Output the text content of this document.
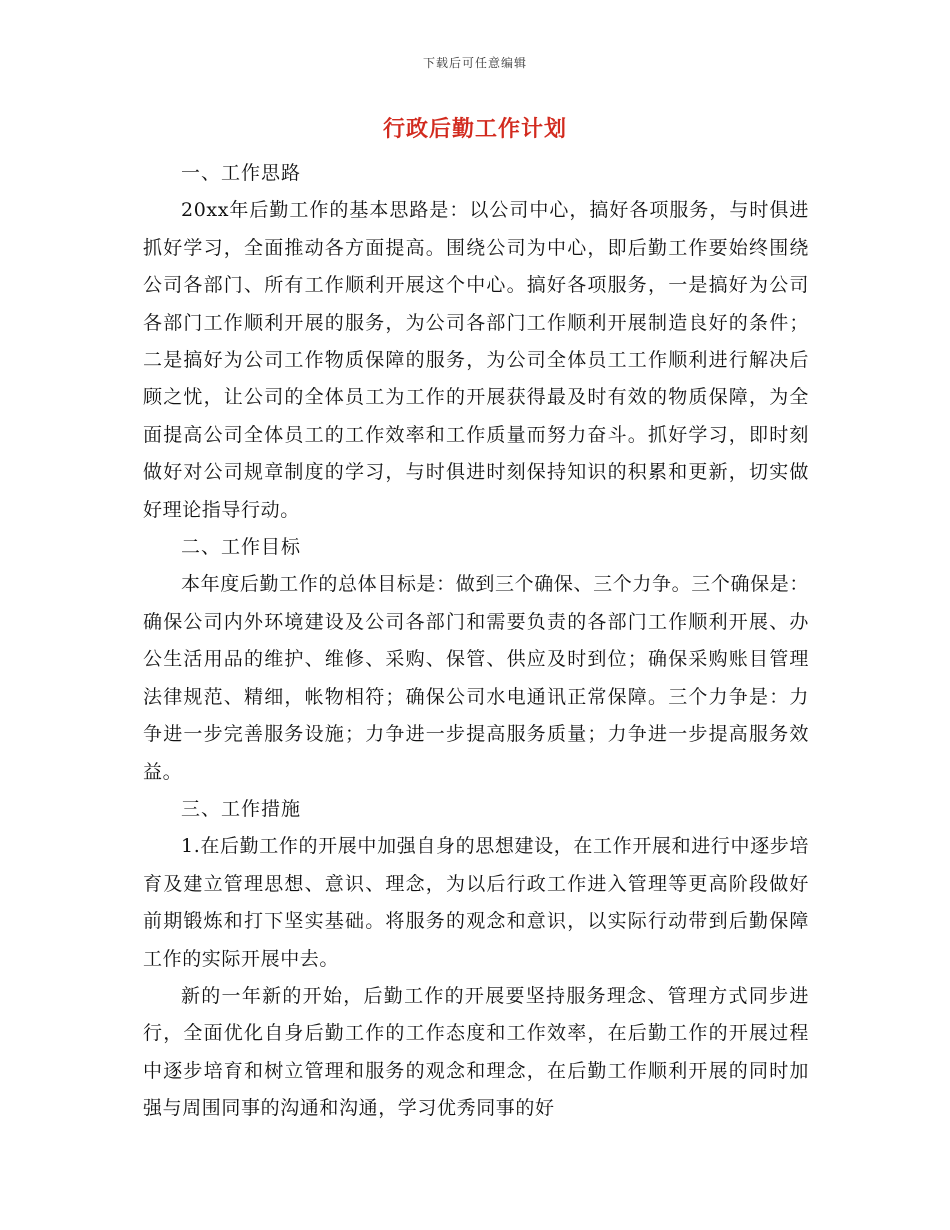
下载后可任意编辑
行政后勤工作计划

一、工作思路

20xx年后勤工作的基本思路是：以公司中心，搞好各项服务，与时俱进抓好学习，全面推动各方面提高。围绕公司为中心，即后勤工作要始终围绕公司各部门、所有工作顺利开展这个中心。搞好各项服务，一是搞好为公司各部门工作顺利开展的服务，为公司各部门工作顺利开展制造良好的条件；二是搞好为公司工作物质保障的服务，为公司全体员工工作顺利进行解决后顾之忧，让公司的全体员工为工作的开展获得最及时有效的物质保障，为全面提高公司全体员工的工作效率和工作质量而努力奋斗。抓好学习，即时刻做好对公司规章制度的学习，与时俱进时刻保持知识的积累和更新，切实做好理论指导行动。

二、工作目标

本年度后勤工作的总体目标是：做到三个确保、三个力争。三个确保是：确保公司内外环境建设及公司各部门和需要负责的各部门工作顺利开展、办公生活用品的维护、维修、采购、保管、供应及时到位；确保采购账目管理法律规范、精细，帐物相符；确保公司水电通讯正常保障。三个力争是：力争进一步完善服务设施；力争进一步提高服务质量；力争进一步提高服务效益。

三、工作措施

1.在后勤工作的开展中加强自身的思想建设，在工作开展和进行中逐步培育及建立管理思想、意识、理念，为以后行政工作进入管理等更高阶段做好前期锻炼和打下坚实基础。将服务的观念和意识，以实际行动带到后勤保障工作的实际开展中去。

新的一年新的开始，后勤工作的开展要坚持服务理念、管理方式同步进行，全面优化自身后勤工作的工作态度和工作效率，在后勤工作的开展过程中逐步培育和树立管理和服务的观念和理念，在后勤工作顺利开展的同时加强与周围同事的沟通和沟通，学习优秀同事的好
